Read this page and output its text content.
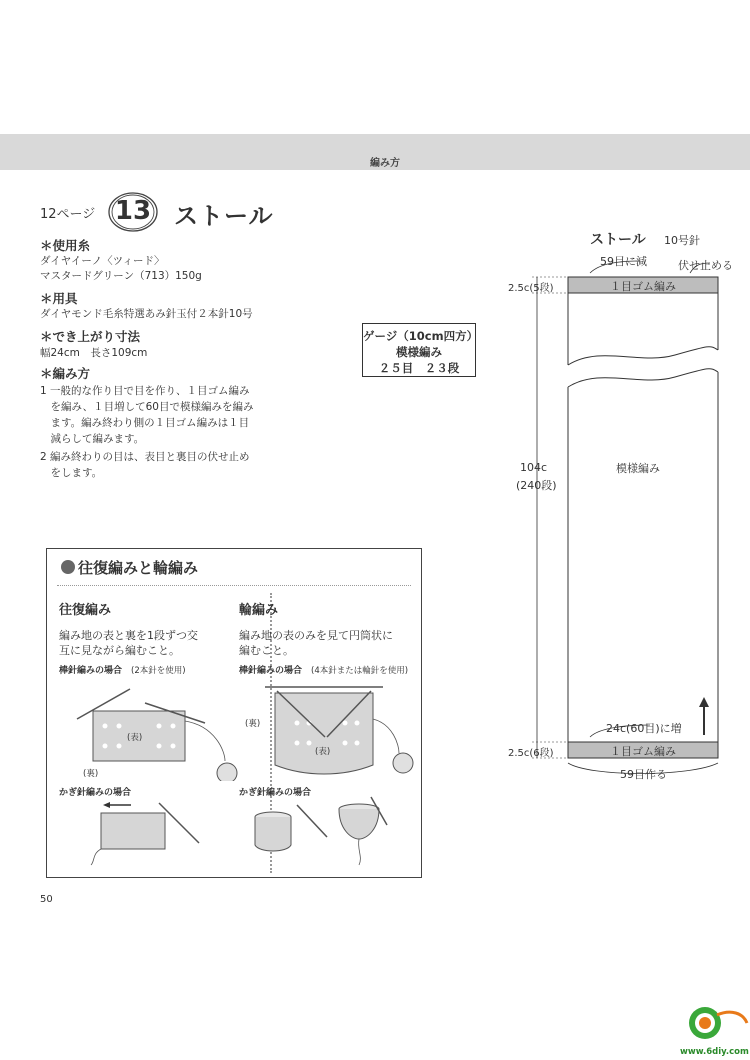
編み方
12ページ 13 ストール
＊使用糸
ダイヤイーノ〈ツィード〉
マスタードグリーン（713）150g
＊用具
ダイヤモンド毛糸特選あみ針玉付２本針10号
＊でき上がり寸法
幅24cm　長さ109cm
＊編み方
1 一般的な作り目で目を作り、１目ゴム編み
　を編み、１目増して60目で模様編みを編み
　ます。編み終わり側の１目ゴム編みは１目
　減らして編みます。
2 編み終わりの目は、表目と裏目の伏せ止め
　をします。
ゲージ（10cm四方）
模様編み
２５目　２３段
ストール 10号針
59目に減	伏せ止める
2.5c(5段)	１目ゴム編み
104c
(240段)
模様編み
24c(60目)に増
2.5c(6段)	１目ゴム編み
59目作る
往復編みと輪編み
往復編み
編み地の表と裏を1段ずつ交
互に見ながら編むこと。
棒針編みの場合 (2本針を使用)
(表)
(裏)
かぎ針編みの場合
輪編み
編み地の表のみを見て円筒状に
編むこと。
棒針編みの場合 (4本針または輪針を使用)
(裏)
(表)
かぎ針編みの場合
50
www.6diy.com
